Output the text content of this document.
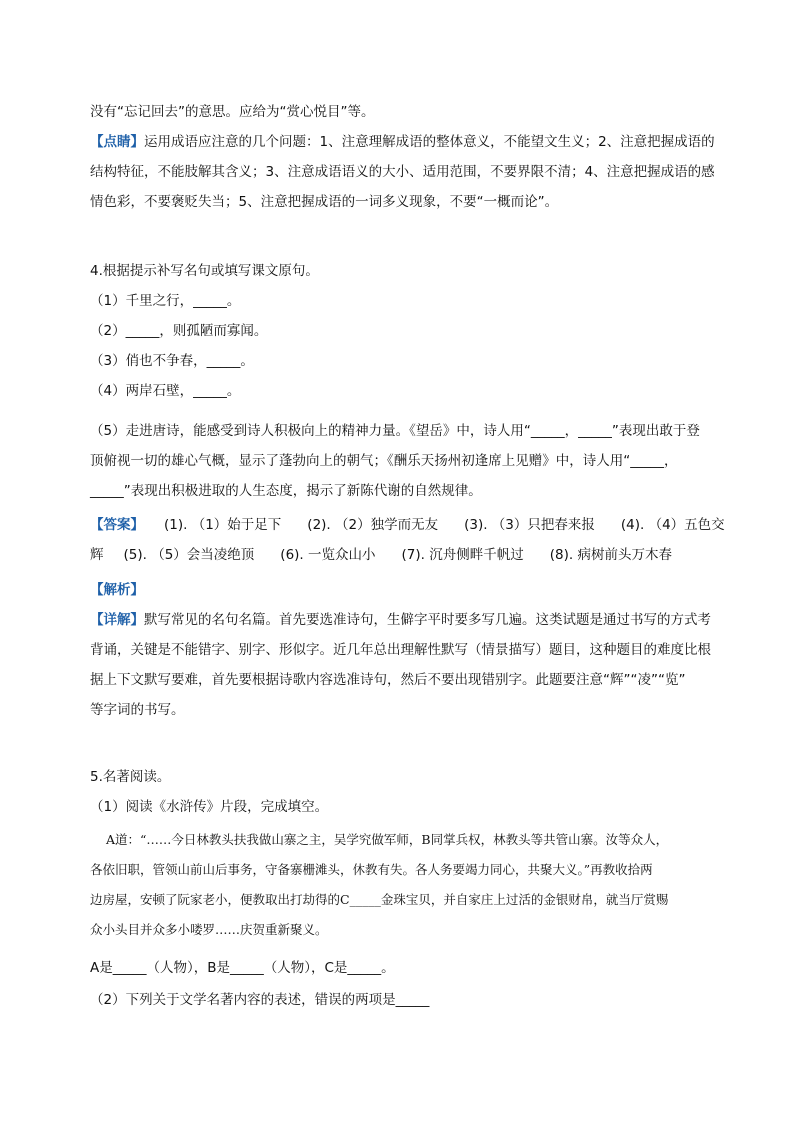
没有“忘记回去”的意思。应给为“赏心悦目”等。
【点睛】运用成语应注意的几个问题：1、注意理解成语的整体意义，不能望文生义；2、注意把握成语的
结构特征，不能肢解其含义；3、注意成语语义的大小、适用范围，不要界限不清；4、注意把握成语的感
情色彩，不要褒贬失当；5、注意把握成语的一词多义现象，不要“一概而论”。
4.根据提示补写名句或填写课文原句。
（1）千里之行，_____。
（2）_____，则孤陋而寡闻。
（3）俏也不争春，_____。
（4）两岸石壁，_____。
（5）走进唐诗，能感受到诗人积极向上的精神力量。《望岳》中，诗人用“_____，_____”表现出敢于登
顶俯视一切的雄心气概，显示了蓬勃向上的朝气；《酬乐天扬州初逢席上见赠》中，诗人用“_____，
_____”表现出积极进取的人生态度，揭示了新陈代谢的自然规律。
【答案】 (1). （1）始于足下 (2). （2）独学而无友 (3). （3）只把春来报 (4). （4）五色交
辉 (5). （5）会当凌绝顶 (6). 一览众山小 (7). 沉舟侧畔千帆过 (8). 病树前头万木春
【解析】
【详解】默写常见的名句名篇。首先要选准诗句，生僻字平时要多写几遍。这类试题是通过书写的方式考
背诵，关键是不能错字、别字、形似字。近几年总出理解性默写（情景描写）题目，这种题目的难度比根
据上下文默写要难，首先要根据诗歌内容选准诗句，然后不要出现错别字。此题要注意“辉”“凌”“览”
等字词的书写。
5.名著阅读。
（1）阅读《水浒传》片段，完成填空。
A道：“……今日林教头扶我做山寨之主，吴学究做军师，B同掌兵权，林教头等共管山寨。汝等众人，
各依旧职，管领山前山后事务，守备寨栅滩头，休教有失。各人务要竭力同心，共聚大义。”再教收拾两
边房屋，安顿了阮家老小，便教取出打劫得的C_____金珠宝贝，并自家庄上过活的金银财帛，就当厅赏赐
众小头目并众多小喽罗……庆贺重新聚义。
A是_____（人物），B是_____（人物），C是_____。
（2）下列关于文学名著内容的表述，错误的两项是_____
